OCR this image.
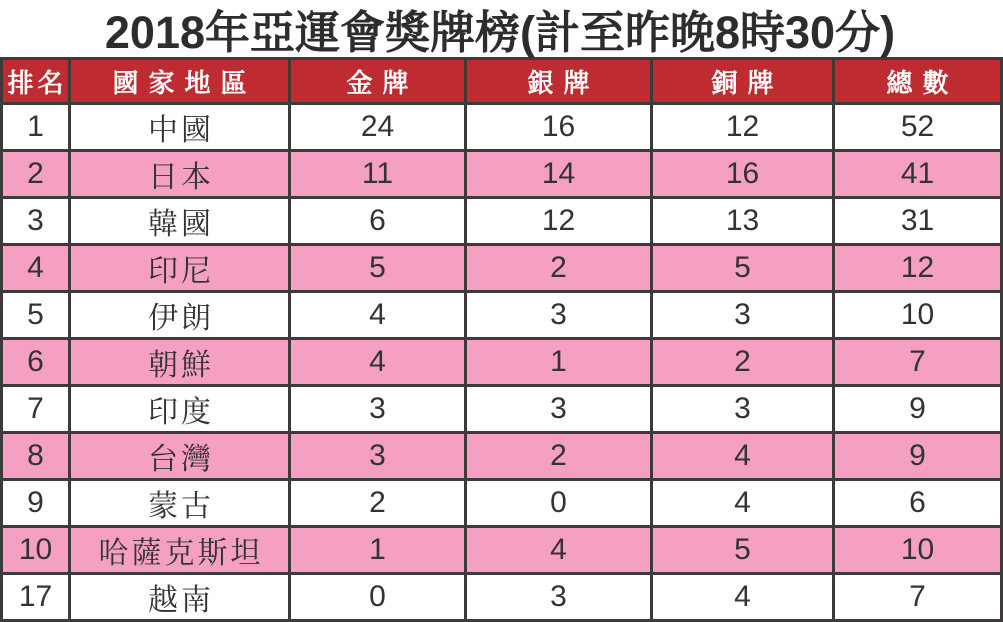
2018年亞運會獎牌榜(計至昨晚8時30分)
排名	國家地區	金牌	銀牌	銅牌	總數
1	中國	24	16	12	52
2	日本	11	14	16	41
3	韓國	6	12	13	31
4	印尼	5	2	5	12
5	伊朗	4	3	3	10
6	朝鮮	4	1	2	7
7	印度	3	3	3	9
8	台灣	3	2	4	9
9	蒙古	2	0	4	6
10	哈薩克斯坦	1	4	5	10
17	越南	0	3	4	7
